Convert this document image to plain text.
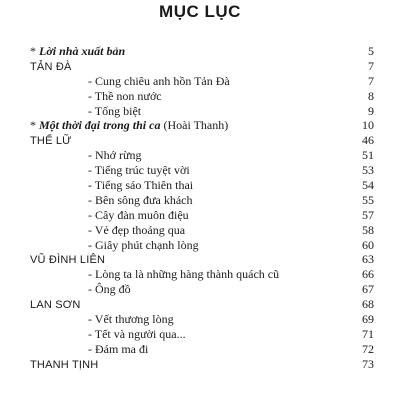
MỤC LỤC
* Lời nhà xuất bản	5
TẢN ĐÀ	7
- Cung chiêu anh hồn Tản Đà	7
- Thề non nước	8
- Tống biệt	9
* Một thời đại trong thi ca (Hoài Thanh)	10
THẾ LỮ	46
- Nhớ rừng	51
- Tiếng trúc tuyệt vời	53
- Tiếng sáo Thiên thai	54
- Bên sông đưa khách	55
- Cây đàn muôn điệu	57
- Vẻ đẹp thoáng qua	58
- Giây phút chạnh lòng	60
VŨ ĐÌNH LIÊN	63
- Lòng ta là những hàng thành quách cũ	66
- Ông đồ	67
LAN SƠN	68
- Vết thương lòng	69
- Tết và người qua...	71
- Đám ma đi	72
THANH TỊNH	73
